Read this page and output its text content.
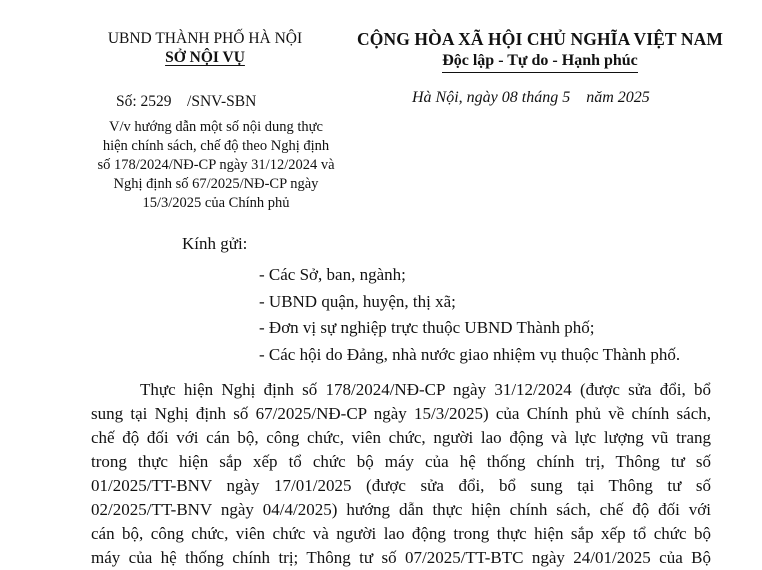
UBND THÀNH PHỐ HÀ NỘI
SỞ NỘI VỤ
CỘNG HÒA XÃ HỘI CHỦ NGHĨA VIỆT NAM
Độc lập - Tự do - Hạnh phúc
Số: 2529    /SNV-SBN	Hà Nội, ngày 08 tháng 5    năm 2025
V/v hướng dẫn một số nội dung thực
hiện chính sách, chế độ theo Nghị định
số 178/2024/NĐ-CP ngày 31/12/2024 và
Nghị định số 67/2025/NĐ-CP ngày
15/3/2025 của Chính phủ
Kính gửi:
- Các Sở, ban, ngành;
- UBND quận, huyện, thị xã;
- Đơn vị sự nghiệp trực thuộc UBND Thành phố;
- Các hội do Đảng, nhà nước giao nhiệm vụ thuộc Thành phố.
Thực hiện Nghị định số 178/2024/NĐ-CP ngày 31/12/2024 (được sửa đổi, bổ
sung tại Nghị định số 67/2025/NĐ-CP ngày 15/3/2025) của Chính phủ về chính sách,
chế độ đối với cán bộ, công chức, viên chức, người lao động và lực lượng vũ trang
trong thực hiện sắp xếp tổ chức bộ máy của hệ thống chính trị, Thông tư số
01/2025/TT-BNV ngày 17/01/2025 (được sửa đổi, bổ sung tại Thông tư số
02/2025/TT-BNV ngày 04/4/2025) hướng dẫn thực hiện chính sách, chế độ đối với
cán bộ, công chức, viên chức và người lao động trong thực hiện sắp xếp tổ chức bộ
máy của hệ thống chính trị; Thông tư số 07/2025/TT-BTC ngày 24/01/2025 của Bộ
